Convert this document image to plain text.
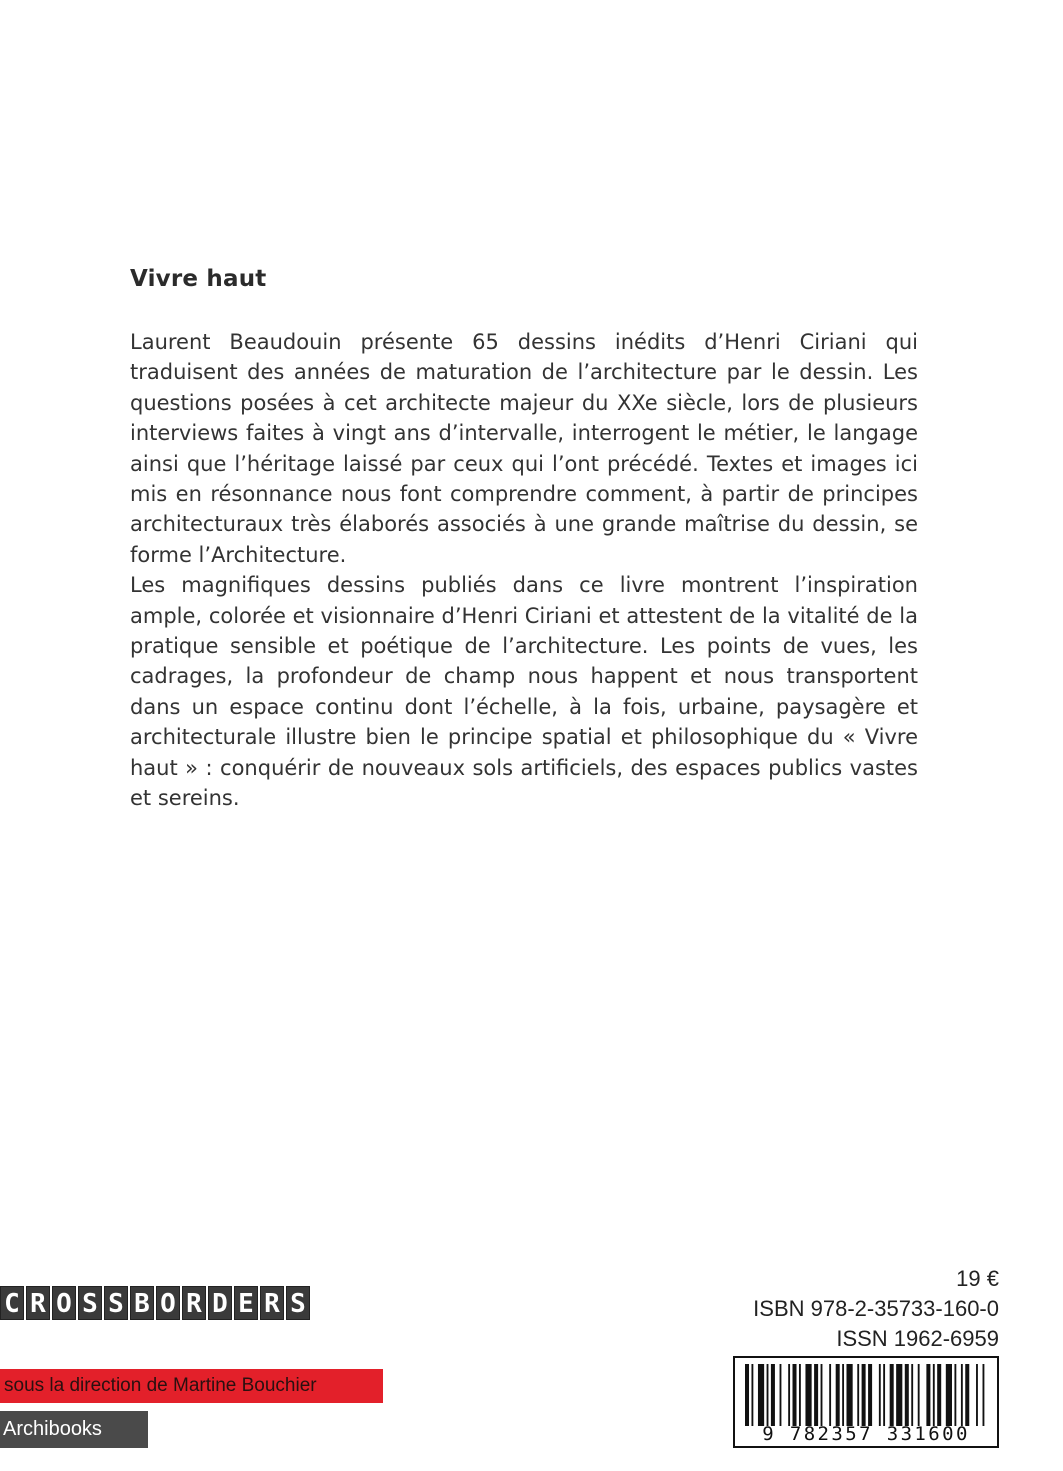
Vivre haut

Laurent Beaudouin présente 65 dessins inédits d’Henri Ciriani qui traduisent des années de maturation de l’architecture par le dessin. Les questions posées à cet architecte majeur du XXe siècle, lors de plusieurs interviews faites à vingt ans d’intervalle, interrogent le métier, le langage ainsi que l’héritage laissé par ceux qui l’ont précédé. Textes et images ici mis en résonnance nous font comprendre comment, à partir de principes architecturaux très élaborés associés à une grande maîtrise du dessin, se forme l’Architecture.

Les magnifiques dessins publiés dans ce livre montrent l’inspiration ample, colorée et visionnaire d’Henri Ciriani et attestent de la vitalité de la pratique sensible et poétique de l’architecture. Les points de vues, les cadrages, la profondeur de champ nous happent et nous transportent dans un espace continu dont l’échelle, à la fois, urbaine, paysagère et architecturale illustre bien le principe spatial et philosophique du « Vivre haut » : conquérir de nouveaux sols artificiels, des espaces publics vastes et sereins.

C R O S S B O R D E R S
sous la direction de Martine Bouchier
Archibooks
19 €
ISBN 978-2-35733-160-0
ISSN 1962-6959
9 782357 331600
